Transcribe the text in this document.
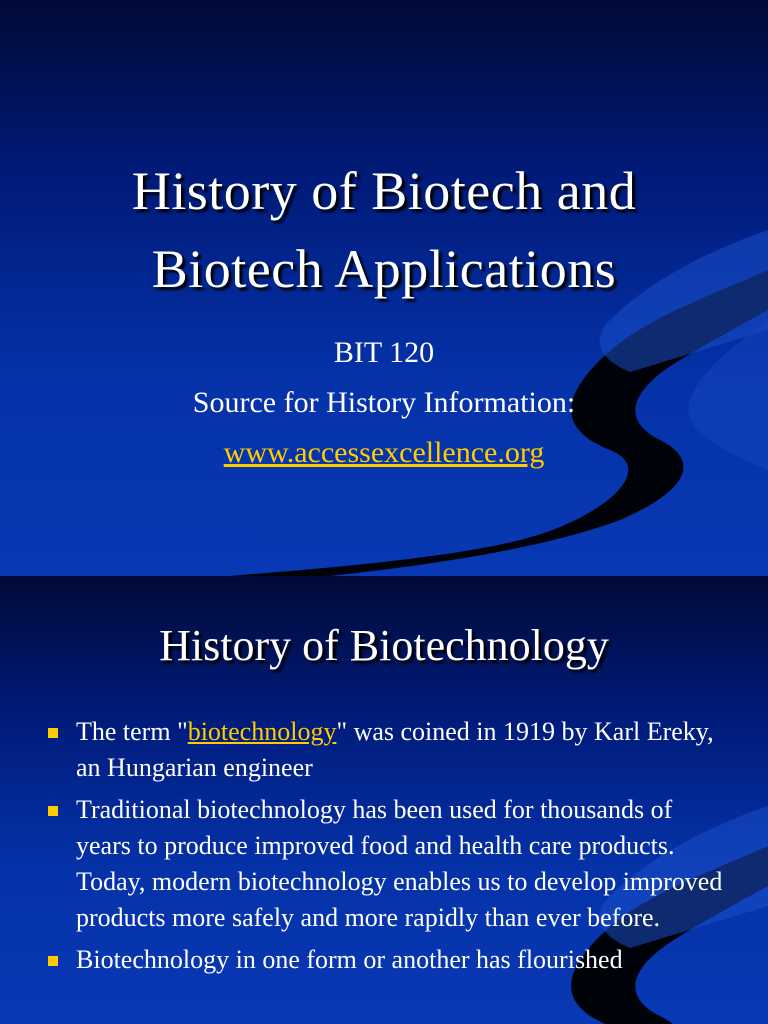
History of Biotech and
Biotech Applications
BIT 120
Source for History Information:
www.accessexcellence.org
History of Biotechnology
The term "biotechnology" was coined in 1919 by Karl Ereky, an Hungarian engineer
Traditional biotechnology has been used for thousands of years to produce improved food and health care products. Today, modern biotechnology enables us to develop improved products more safely and more rapidly than ever before.
Biotechnology in one form or another has flourished
